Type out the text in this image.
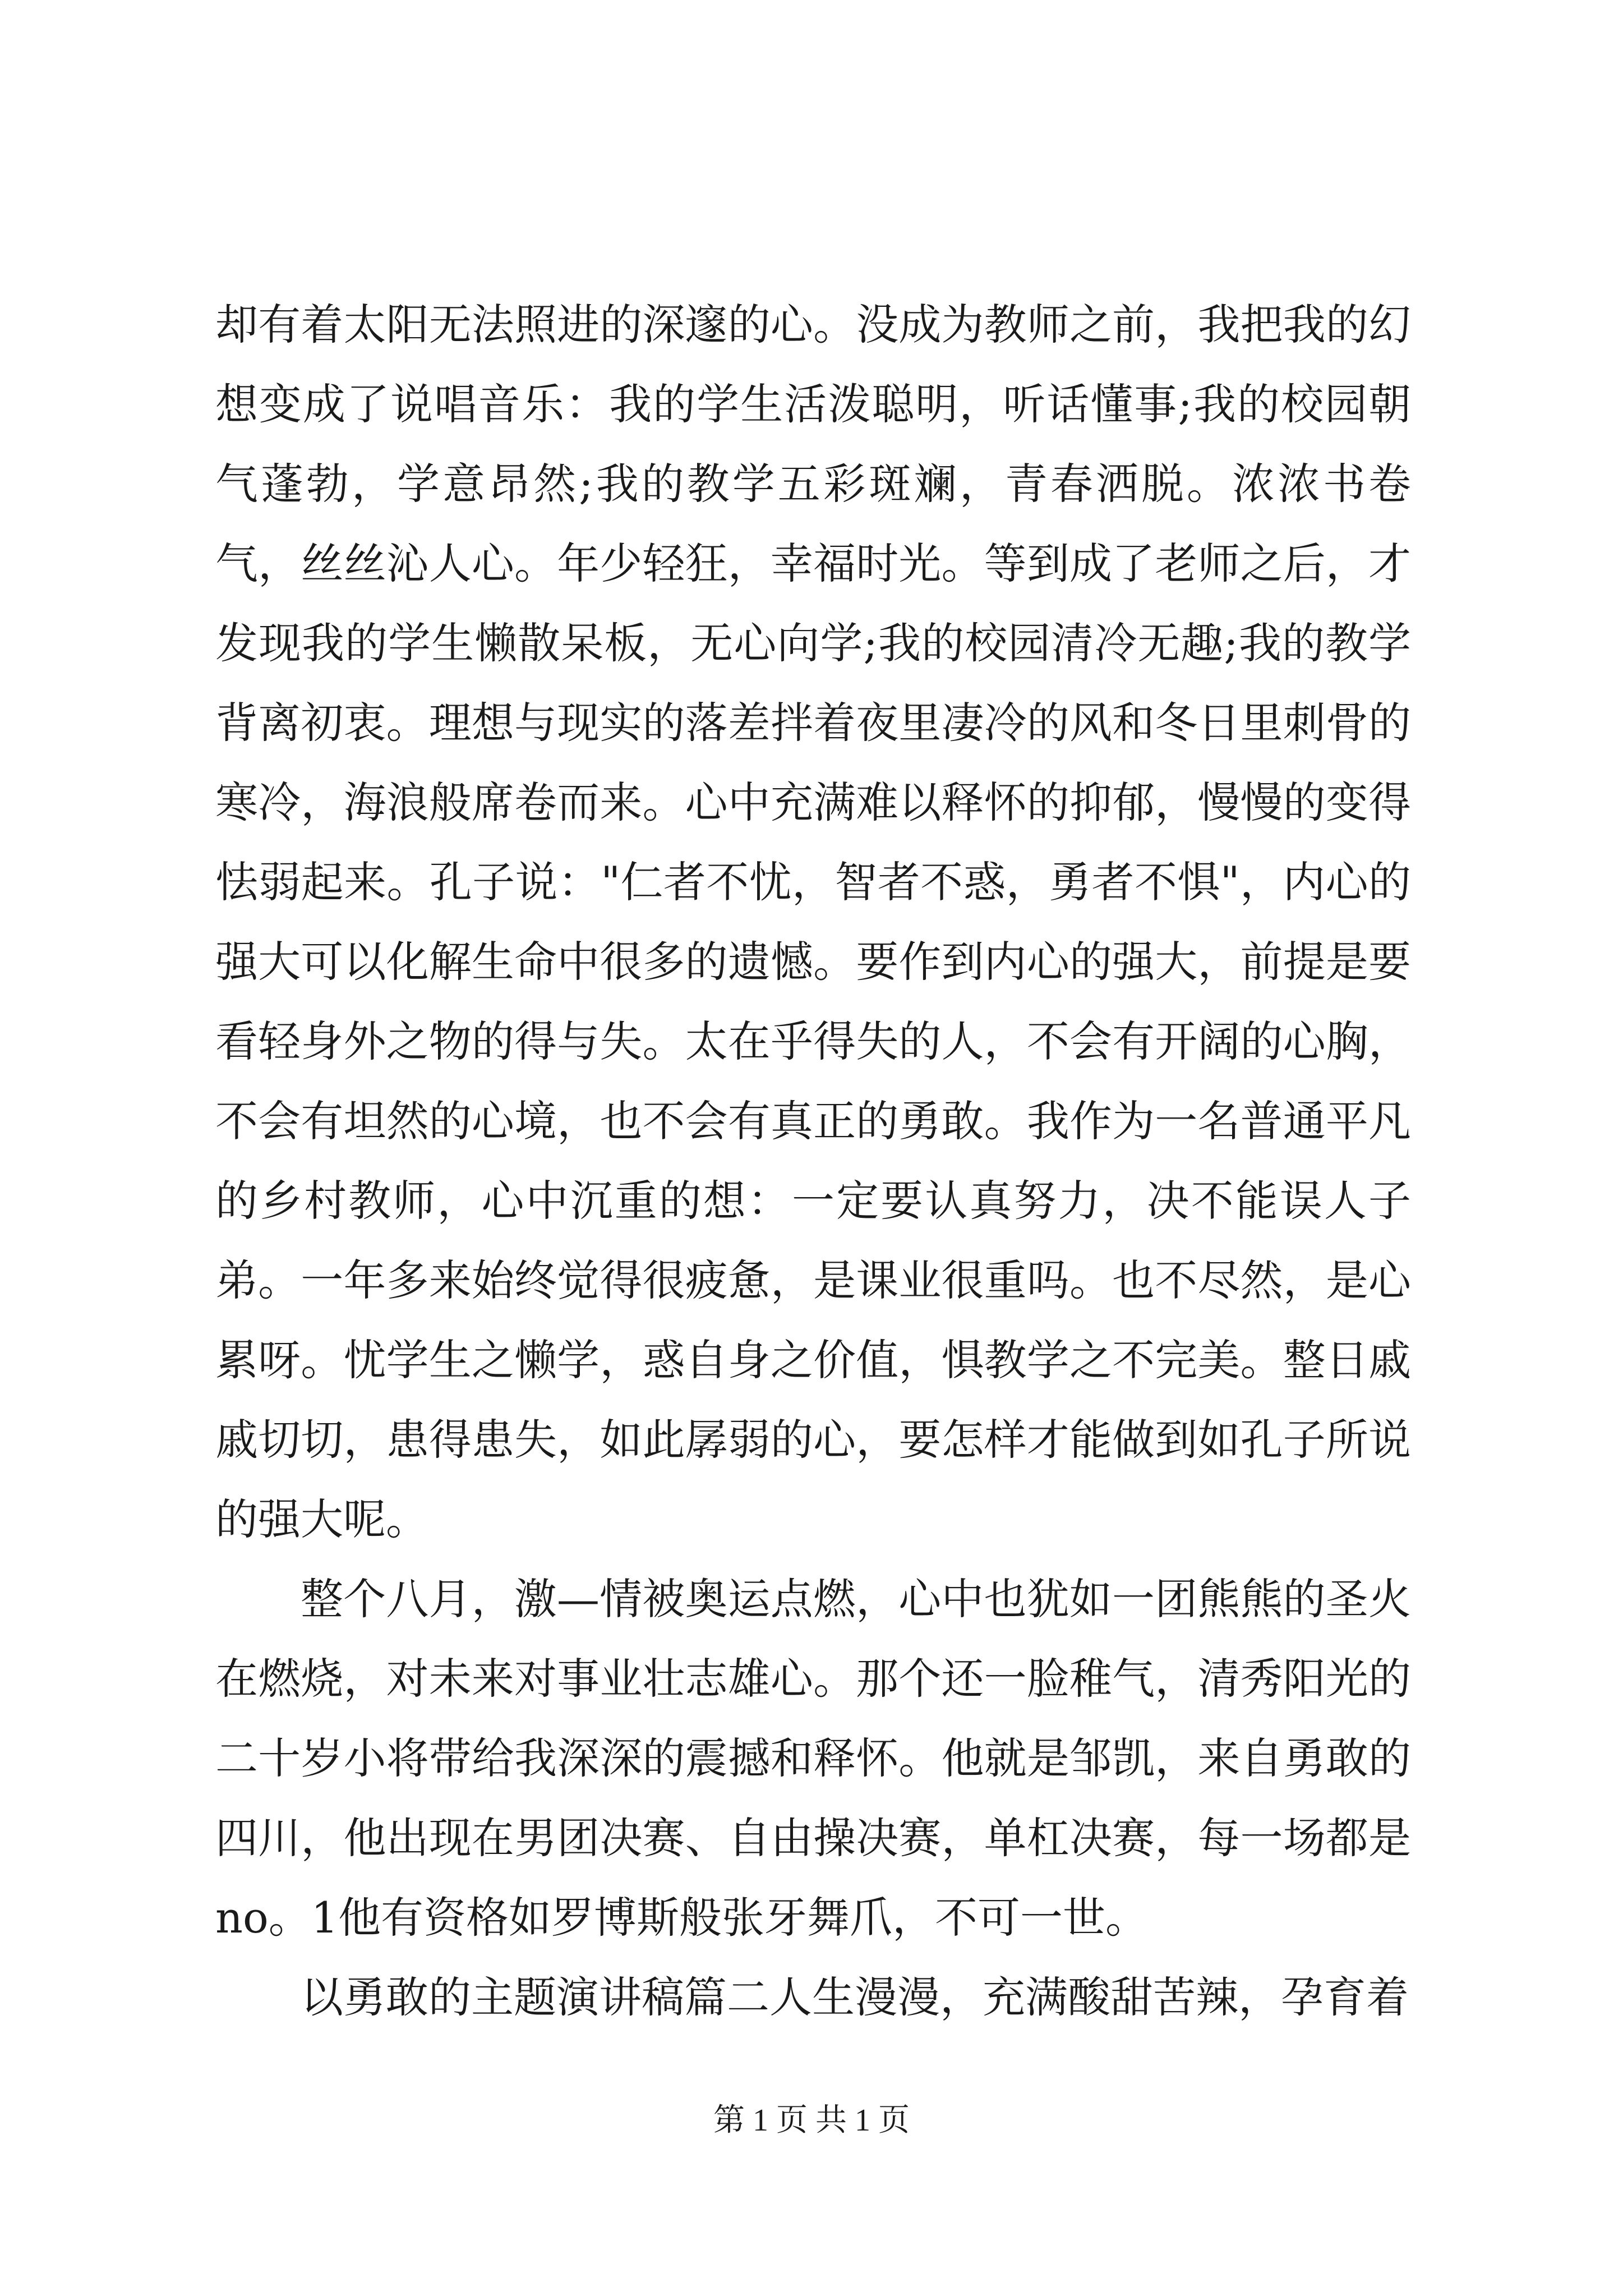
却有着太阳无法照进的深邃的心。没成为教师之前，我把我的幻想变成了说唱音乐：我的学生活泼聪明，听话懂事;我的校园朝气蓬勃，学意昂然;我的教学五彩斑斓，青春洒脱。浓浓书卷气，丝丝沁人心。年少轻狂，幸福时光。等到成了老师之后，才发现我的学生懒散呆板，无心向学;我的校园清冷无趣;我的教学背离初衷。理想与现实的落差拌着夜里凄冷的风和冬日里刺骨的寒冷，海浪般席卷而来。心中充满难以释怀的抑郁，慢慢的变得怯弱起来。孔子说："仁者不忧，智者不惑，勇者不惧"，内心的强大可以化解生命中很多的遗憾。要作到内心的强大，前提是要看轻身外之物的得与失。太在乎得失的人，不会有开阔的心胸，不会有坦然的心境，也不会有真正的勇敢。我作为一名普通平凡的乡村教师，心中沉重的想：一定要认真努力，决不能误人子弟。一年多来始终觉得很疲惫，是课业很重吗。也不尽然，是心累呀。忧学生之懒学，惑自身之价值，惧教学之不完美。整日戚戚切切，患得患失，如此孱弱的心，要怎样才能做到如孔子所说的强大呢。

整个八月，激—情被奥运点燃，心中也犹如一团熊熊的圣火在燃烧，对未来对事业壮志雄心。那个还一脸稚气，清秀阳光的二十岁小将带给我深深的震撼和释怀。他就是邹凯，来自勇敢的四川，他出现在男团决赛、自由操决赛，单杠决赛，每一场都是no。1他有资格如罗博斯般张牙舞爪，不可一世。

以勇敢的主题演讲稿篇二人生漫漫，充满酸甜苦辣，孕育着

第 1 页 共 1 页
